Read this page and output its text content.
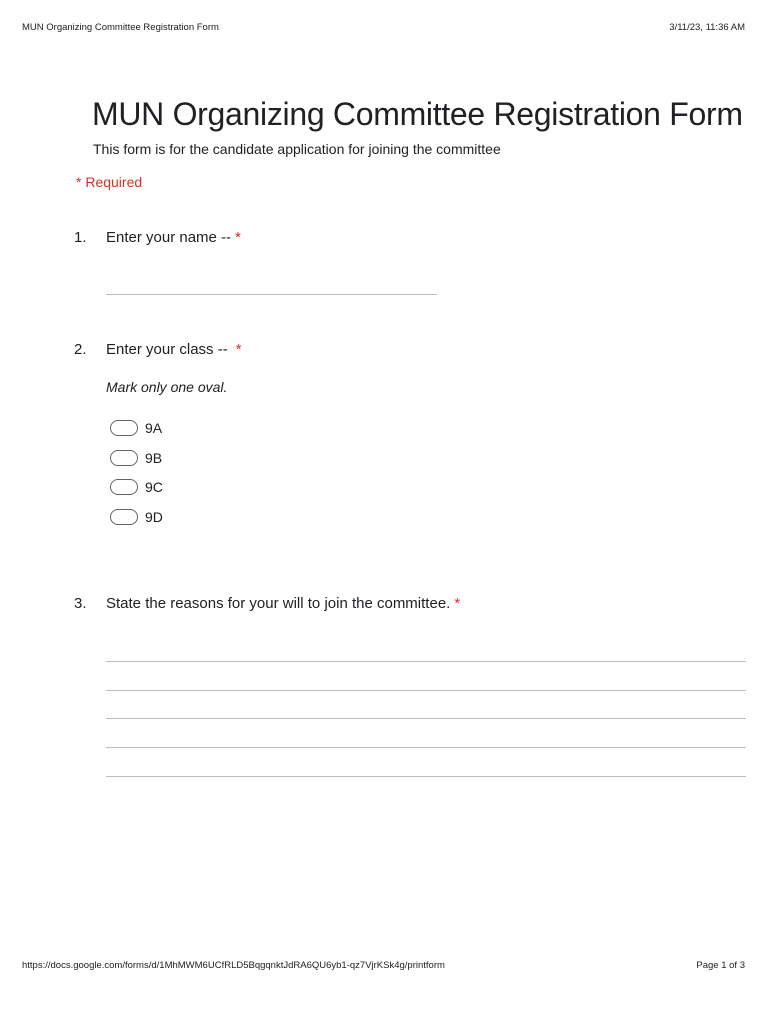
MUN Organizing Committee Registration Form	3/11/23, 11:36 AM
MUN Organizing Committee Registration Form
This form is for the candidate application for joining the committee
* Required
1. Enter your name -- *
2. Enter your class -- *
Mark only one oval.
9A
9B
9C
9D
3. State the reasons for your will to join the committee. *
https://docs.google.com/forms/d/1MhMWM6UCfRLD5BqgqnktJdRA6QU6yb1-qz7VjrKSk4g/printform	Page 1 of 3
